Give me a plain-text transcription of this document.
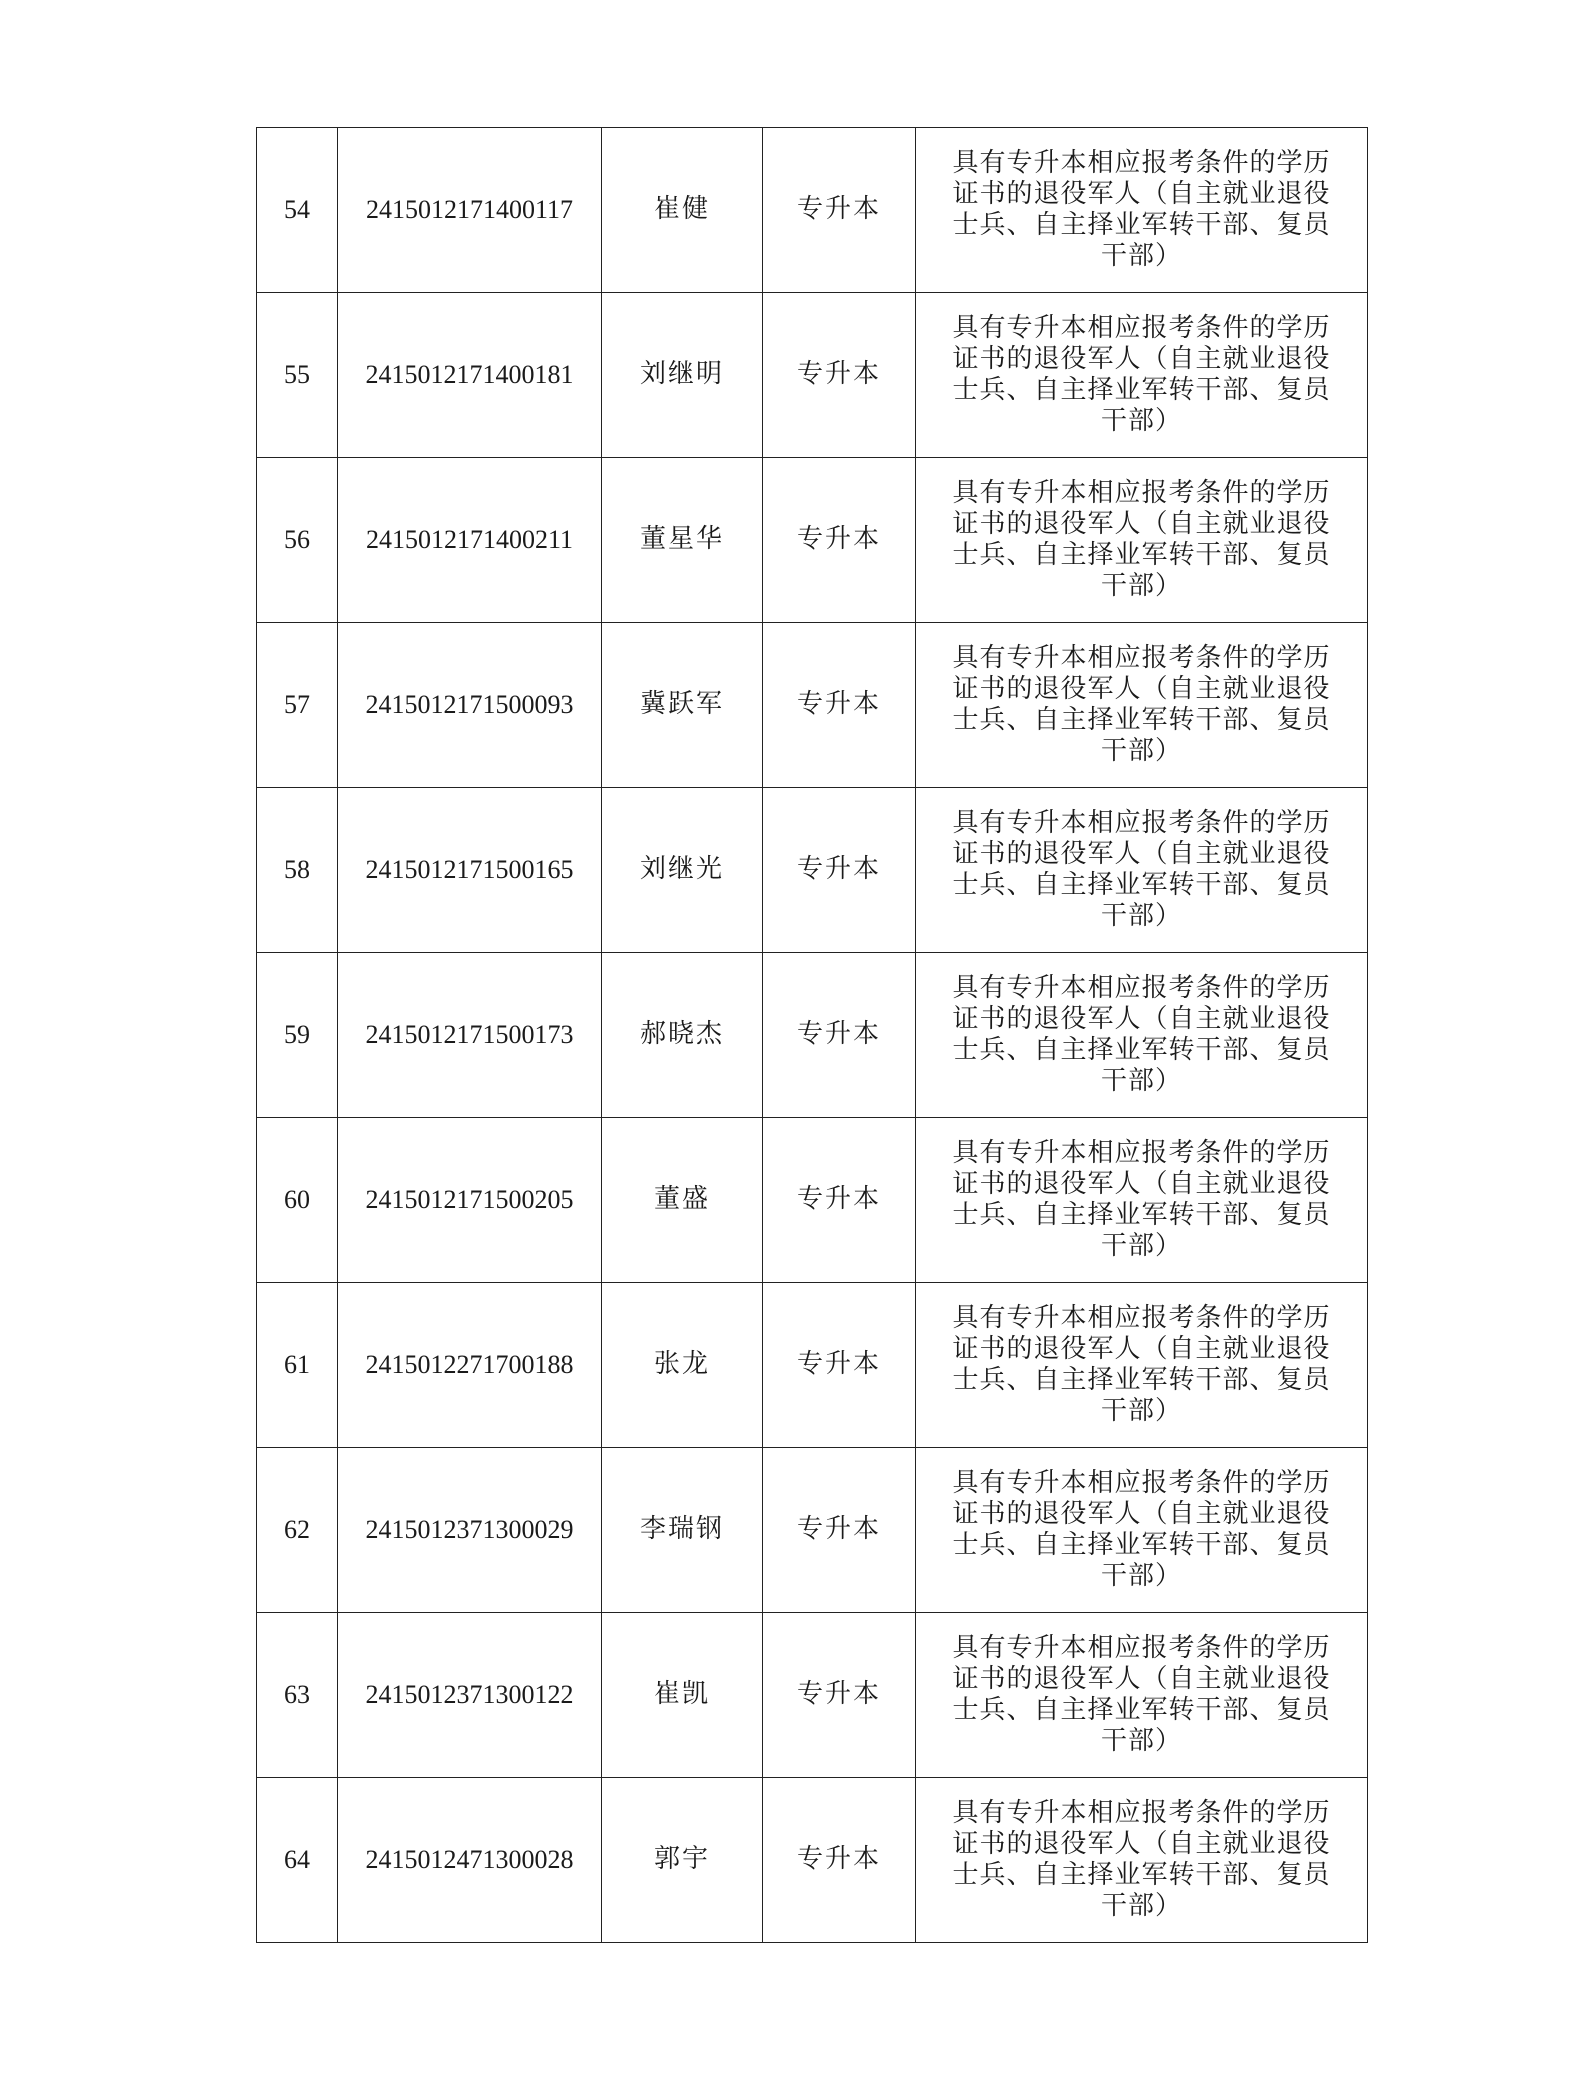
54	2415012171400117	崔健	专升本	具有专升本相应报考条件的学历
证书的退役军人（自主就业退役
士兵、自主择业军转干部、复员
干部）

55	2415012171400181	刘继明	专升本	具有专升本相应报考条件的学历
证书的退役军人（自主就业退役
士兵、自主择业军转干部、复员
干部）

56	2415012171400211	董星华	专升本	具有专升本相应报考条件的学历
证书的退役军人（自主就业退役
士兵、自主择业军转干部、复员
干部）

57	2415012171500093	冀跃军	专升本	具有专升本相应报考条件的学历
证书的退役军人（自主就业退役
士兵、自主择业军转干部、复员
干部）

58	2415012171500165	刘继光	专升本	具有专升本相应报考条件的学历
证书的退役军人（自主就业退役
士兵、自主择业军转干部、复员
干部）

59	2415012171500173	郝晓杰	专升本	具有专升本相应报考条件的学历
证书的退役军人（自主就业退役
士兵、自主择业军转干部、复员
干部）

60	2415012171500205	董盛	专升本	具有专升本相应报考条件的学历
证书的退役军人（自主就业退役
士兵、自主择业军转干部、复员
干部）

61	2415012271700188	张龙	专升本	具有专升本相应报考条件的学历
证书的退役军人（自主就业退役
士兵、自主择业军转干部、复员
干部）

62	2415012371300029	李瑞钢	专升本	具有专升本相应报考条件的学历
证书的退役军人（自主就业退役
士兵、自主择业军转干部、复员
干部）

63	2415012371300122	崔凯	专升本	具有专升本相应报考条件的学历
证书的退役军人（自主就业退役
士兵、自主择业军转干部、复员
干部）

64	2415012471300028	郭宇	专升本	具有专升本相应报考条件的学历
证书的退役军人（自主就业退役
士兵、自主择业军转干部、复员
干部）
